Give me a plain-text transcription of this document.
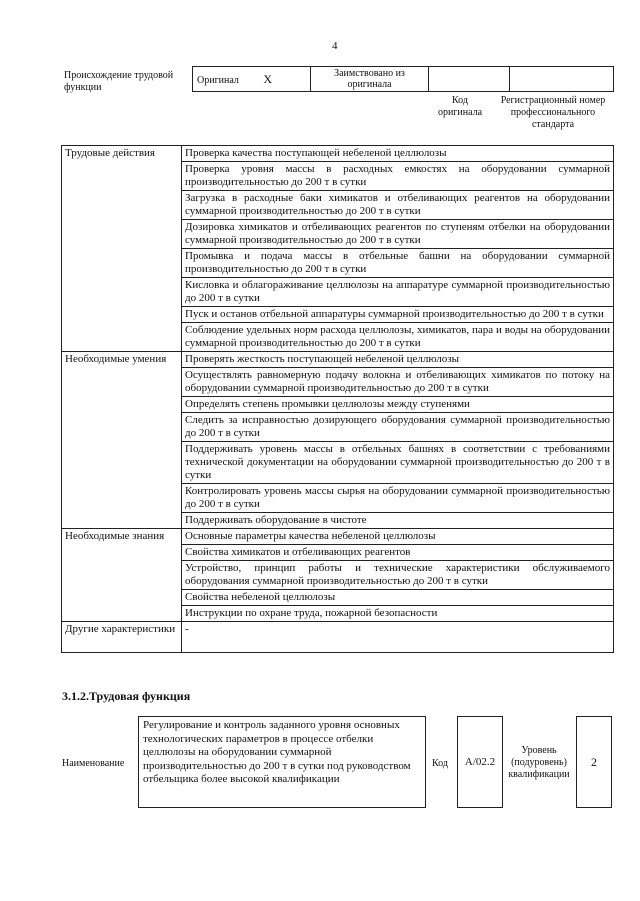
4
Происхождение трудовой функции
Оригинал X	Заимствовано из оригинала		
Код оригинала
Регистрационный номер профессионального стандарта
Трудовые действия	Проверка качества поступающей небеленой целлюлозы
	Проверка уровня массы в расходных емкостях на оборудовании суммарной производительностью до 200 т в сутки
	Загрузка в расходные баки химикатов и отбеливающих реагентов на оборудовании суммарной производительностью до 200 т в сутки
	Дозировка химикатов и отбеливающих реагентов по ступеням отбелки на оборудовании суммарной производительностью до 200 т в сутки
	Промывка и подача массы в отбельные башни на оборудовании суммарной производительностью до 200 т в сутки
	Кисловка и облагораживание целлюлозы на аппаратуре суммарной производительностью до 200 т в сутки
	Пуск и останов отбельной аппаратуры суммарной производительностью до 200 т в сутки
	Соблюдение удельных норм расхода целлюлозы, химикатов, пара и воды на оборудовании суммарной производительностью до 200 т в сутки
Необходимые умения	Проверять жесткость поступающей небеленой целлюлозы
	Осуществлять равномерную подачу волокна и отбеливающих химикатов по потоку на оборудовании суммарной производительностью до 200 т в сутки
	Определять степень промывки целлюлозы между ступенями
	Следить за исправностью дозирующего оборудования суммарной производительностью до 200 т в сутки
	Поддерживать уровень массы в отбельных башнях в соответствии с требованиями технической документации на оборудовании суммарной производительностью до 200 т в сутки
	Контролировать уровень массы сырья на оборудовании суммарной производительностью до 200 т в сутки
	Поддерживать оборудование в чистоте
Необходимые знания	Основные параметры качества небеленой целлюлозы
	Свойства химикатов и отбеливающих реагентов
	Устройство, принцип работы и технические характеристики обслуживаемого оборудования суммарной производительностью до 200 т в сутки
	Свойства небеленой целлюлозы
	Инструкции по охране труда, пожарной безопасности
Другие характеристики	-
3.1.2.Трудовая функция
Наименование
Регулирование и контроль заданного уровня основных технологических параметров в процессе отбелки целлюлозы на оборудовании суммарной производительностью до 200 т в сутки под руководством отбельщика более высокой квалификации
Код	А/02.2
Уровень (подуровень) квалификации
2
